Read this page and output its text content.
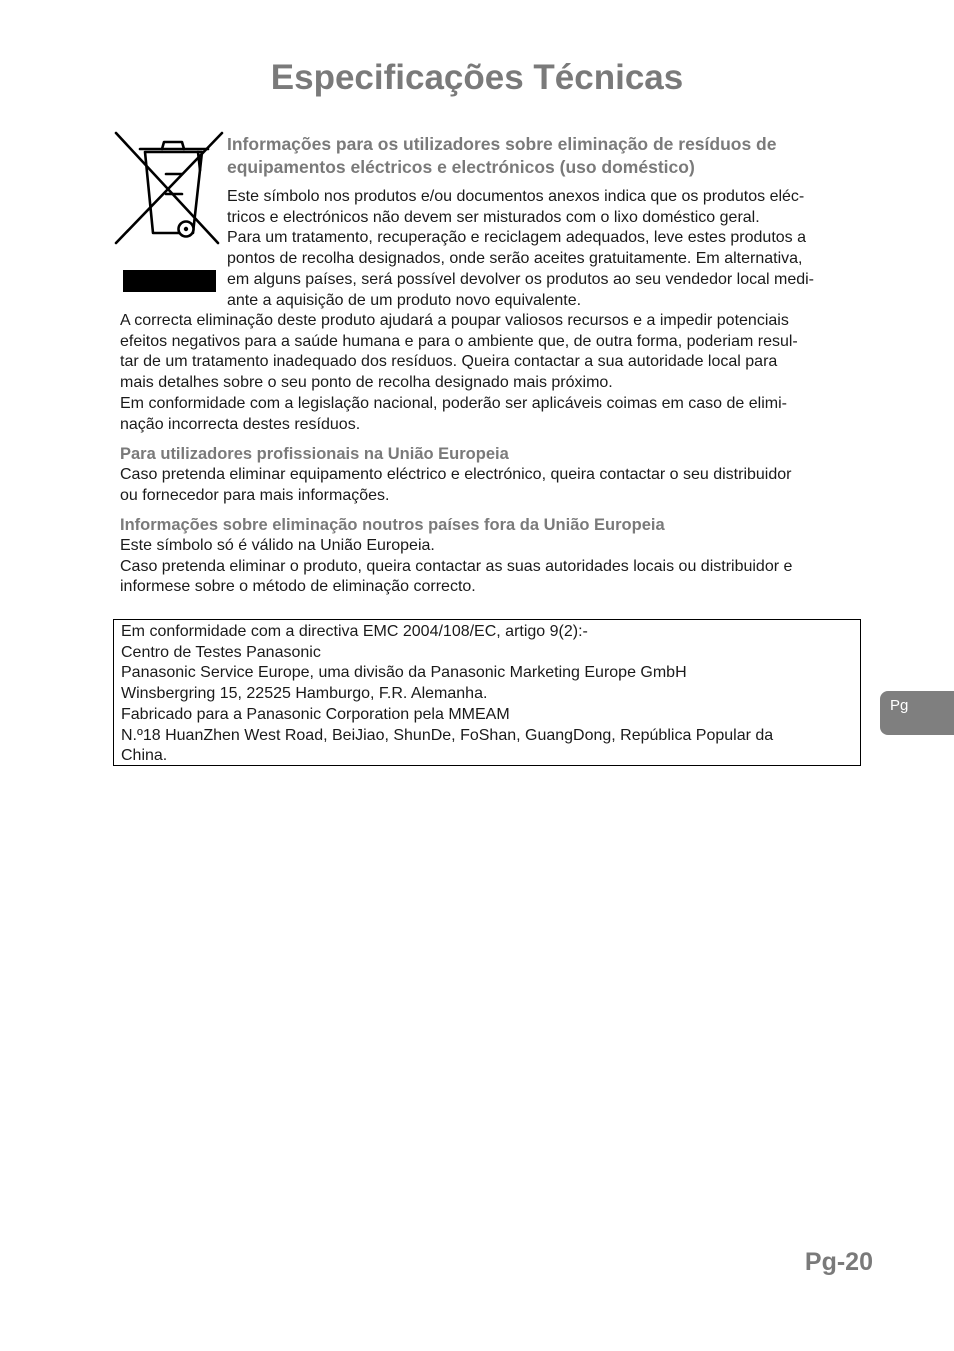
Especificações Técnicas

Informações para os utilizadores sobre eliminação de resíduos de

equipamentos eléctricos e electrónicos (uso doméstico)

Este símbolo nos produtos e/ou documentos anexos indica que os produtos eléc-

tricos e electrónicos não devem ser misturados com o lixo doméstico geral.

Para um tratamento, recuperação e reciclagem adequados, leve estes produtos a

pontos de recolha designados, onde serão aceites gratuitamente. Em alternativa,

em alguns países, será possível devolver os produtos ao seu vendedor local medi-

ante a aquisição de um produto novo equivalente.

A correcta eliminação deste produto ajudará a poupar valiosos recursos e a impedir potenciais

efeitos negativos para a saúde humana e para o ambiente que, de outra forma, poderiam resul-

tar de um tratamento inadequado dos resíduos. Queira contactar a sua autoridade local para

mais detalhes sobre o seu ponto de recolha designado mais próximo.

Em conformidade com a legislação nacional, poderão ser aplicáveis coimas em caso de elimi-

nação incorrecta destes resíduos.

Para utilizadores profissionais na União Europeia

Caso pretenda eliminar equipamento eléctrico e electrónico, queira contactar o seu distribuidor

ou fornecedor para mais informações.

Informações sobre eliminação noutros países fora da União Europeia

Este símbolo só é válido na União Europeia.

Caso pretenda eliminar o produto, queira contactar as suas autoridades locais ou distribuidor e

informese sobre o método de eliminação correcto.

Em conformidade com a directiva EMC 2004/108/EC, artigo 9(2):-

Centro de Testes Panasonic

Panasonic Service Europe, uma divisão da Panasonic Marketing Europe GmbH

Winsbergring 15, 22525 Hamburgo, F.R. Alemanha.

Fabricado para a Panasonic Corporation pela MMEAM

N.º18 HuanZhen West Road, BeiJiao, ShunDe, FoShan, GuangDong, República Popular da

China.

Pg
Pg-20
